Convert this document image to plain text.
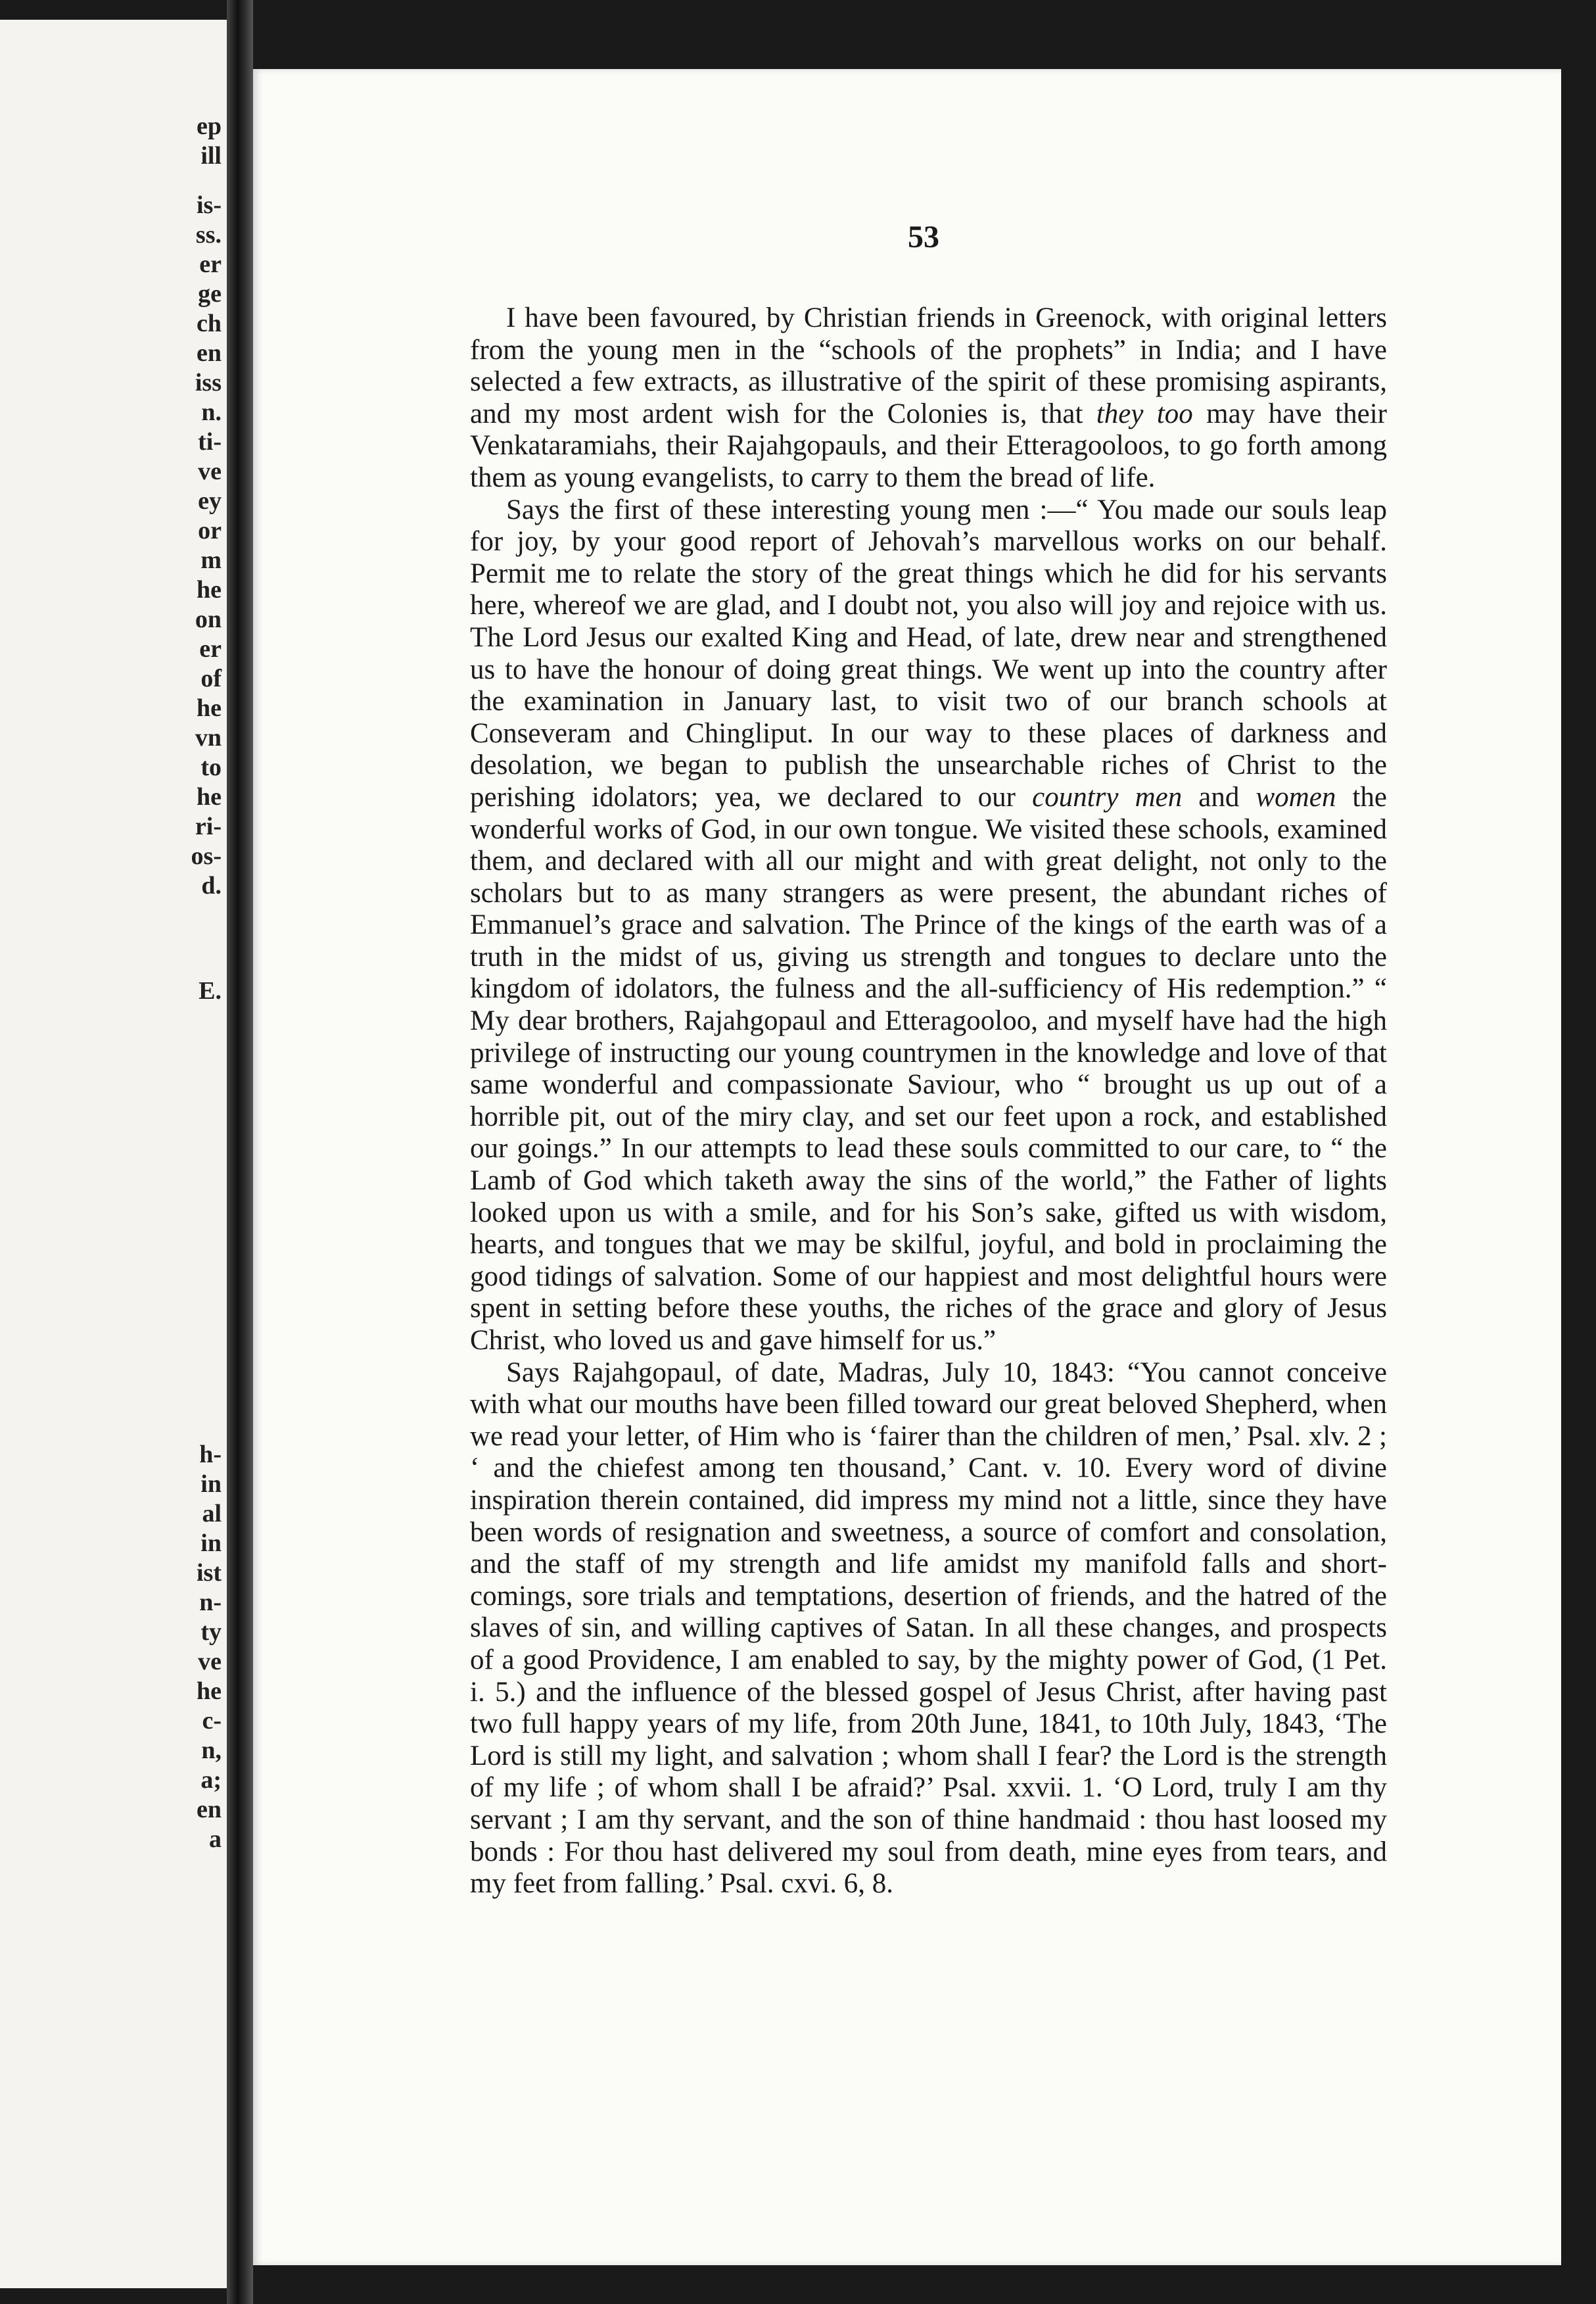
ep
ill
is-
ss.
er
ge
ch
en
iss
n.
ti-
ve
ey
or
m
he
on
er
of
he
vn
to
he
ri-
os-
d.
E.
h-
in
al
in
ist
n-
ty
ve
he
c-
n,
a;
en
a
53

I have been favoured, by Christian friends in Greenock, with original letters from the young men in the “schools of the prophets” in India; and I have selected a few extracts, as illustrative of the spirit of these promising aspirants, and my most ardent wish for the Colonies is, that they too may have their Venkataramiahs, their Rajahgopauls, and their Etteragooloos, to go forth among them as young evangelists, to carry to them the bread of life.

Says the first of these interesting young men :—“ You made our souls leap for joy, by your good report of Jehovah’s marvellous works on our behalf. Permit me to relate the story of the great things which he did for his servants here, whereof we are glad, and I doubt not, you also will joy and rejoice with us. The Lord Jesus our exalted King and Head, of late, drew near and strengthened us to have the honour of doing great things. We went up into the country after the examination in January last, to visit two of our branch schools at Conseveram and Chingliput. In our way to these places of darkness and desolation, we began to publish the unsearchable riches of Christ to the perishing idolators; yea, we declared to our country men and women the wonderful works of God, in our own tongue. We visited these schools, examined them, and declared with all our might and with great delight, not only to the scholars but to as many strangers as were present, the abundant riches of Emmanuel’s grace and salvation. The Prince of the kings of the earth was of a truth in the midst of us, giving us strength and tongues to declare unto the kingdom of idolators, the fulness and the all-sufficiency of His redemption.” “ My dear brothers, Rajahgopaul and Etteragooloo, and myself have had the high privilege of instructing our young countrymen in the knowledge and love of that same wonderful and compassionate Saviour, who “ brought us up out of a horrible pit, out of the miry clay, and set our feet upon a rock, and established our goings.” In our attempts to lead these souls committed to our care, to “ the Lamb of God which taketh away the sins of the world,” the Father of lights looked upon us with a smile, and for his Son’s sake, gifted us with wisdom, hearts, and tongues that we may be skilful, joyful, and bold in proclaiming the good tidings of salvation. Some of our happiest and most delightful hours were spent in setting before these youths, the riches of the grace and glory of Jesus Christ, who loved us and gave himself for us.”

Says Rajahgopaul, of date, Madras, July 10, 1843: “You cannot conceive with what our mouths have been filled toward our great beloved Shepherd, when we read your letter, of Him who is ‘fairer than the children of men,’ Psal. xlv. 2 ; ‘ and the chiefest among ten thousand,’ Cant. v. 10. Every word of divine inspiration therein contained, did impress my mind not a little, since they have been words of resignation and sweetness, a source of comfort and consolation, and the staff of my strength and life amidst my manifold falls and short-comings, sore trials and temptations, desertion of friends, and the hatred of the slaves of sin, and willing captives of Satan. In all these changes, and prospects of a good Providence, I am enabled to say, by the mighty power of God, (1 Pet. i. 5.) and the influence of the blessed gospel of Jesus Christ, after having past two full happy years of my life, from 20th June, 1841, to 10th July, 1843, ‘The Lord is still my light, and salvation ; whom shall I fear? the Lord is the strength of my life ; of whom shall I be afraid?’ Psal. xxvii. 1. ‘O Lord, truly I am thy servant ; I am thy servant, and the son of thine handmaid : thou hast loosed my bonds : For thou hast delivered my soul from death, mine eyes from tears, and my feet from falling.’ Psal. cxvi. 6, 8.
